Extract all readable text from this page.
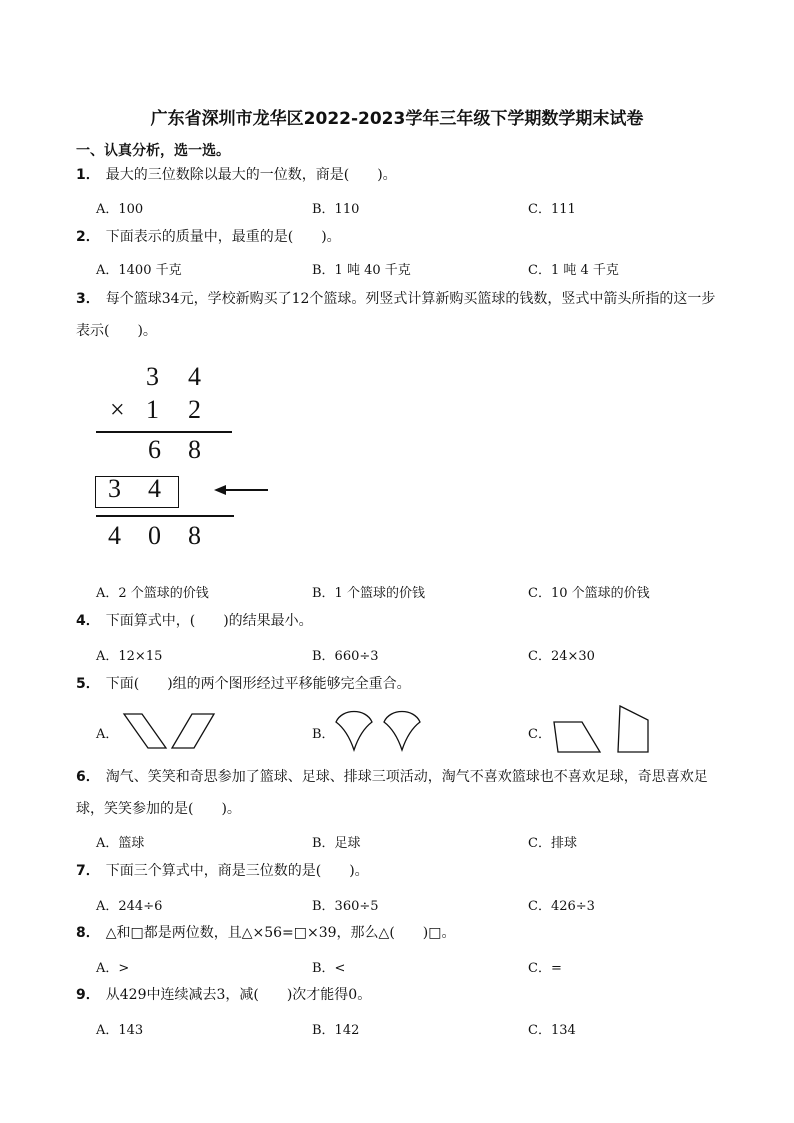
广东省深圳市龙华区2022-2023学年三年级下学期数学期末试卷
一、认真分析，选一选。
1． 最大的三位数除以最大的一位数，商是(　　)。
A．100	B．110	C．111
2． 下面表示的质量中，最重的是(　　)。
A．1400 千克	B．1 吨 40 千克	C．1 吨 4 千克
3． 每个篮球34元，学校新购买了12个篮球。列竖式计算新购买篮球的钱数，竖式中箭头所指的这一步
表示(　　)。
3 4
× 1 2
6 8
3 4
4 0 8
A．2 个篮球的价钱	B．1 个篮球的价钱	C．10 个篮球的价钱
4． 下面算式中，(　　)的结果最小。
A．12×15	B．660÷3	C．24×30
5． 下面(　　)组的两个图形经过平移能够完全重合。
A．	B．	C．
6． 淘气、笑笑和奇思参加了篮球、足球、排球三项活动，淘气不喜欢篮球也不喜欢足球，奇思喜欢足
球，笑笑参加的是(　　)。
A．篮球	B．足球	C．排球
7． 下面三个算式中，商是三位数的是(　　)。
A．244÷6	B．360÷5	C．426÷3
8． △和□都是两位数，且△×56=□×39，那么△(　　)□。
A．>	B．<	C．=
9． 从429中连续减去3，减(　　)次才能得0。
A．143	B．142	C．134
